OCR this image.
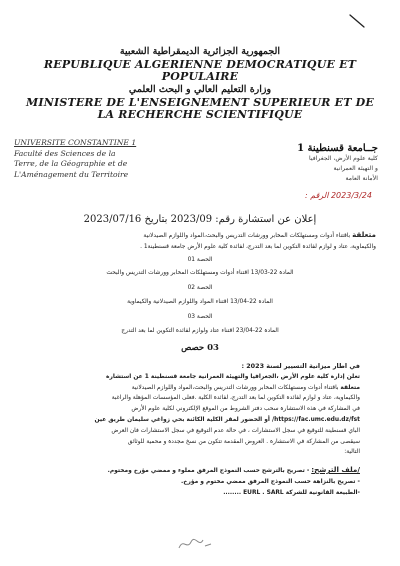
الجمهورية الجزائرية الديمقراطية الشعبية
REPUBLIQUE ALGERIENNE DEMOCRATIQUE ET
POPULAIRE
وزارة التعليم العالي و البحث العلمي
MINISTERE DE L'ENSEIGNEMENT SUPERIEUR ET DE
LA RECHERCHE SCIENTIFIQUE
UNIVERSITE CONSTANTINE 1
Faculté des Sciences de la
Terre, de la Géographie et de
L'Aménagement du Territoire
جــامعة قسنطينة 1
كلية علوم الأرض، الجغرافيا
و التهيئة العمرانية
الأمانة العامة
2023/3/24 الرقم :
إعلان عن استشارة رقم: 2023/09 بتاريخ 2023/07/16
متعلقة باقتناء أدوات ومستهلكات المخابر وورشات التدريس والبحث،المواد واللوازم الصيدلانية
والكيماوية، عتاد و لوازم لفائدة التكوين لما بعد التدرج، لفائدة كلية علوم الأرض جامعة قسنطينة1 .
الحصة 01
المادة 22-13/03 اقتناء أدوات ومستهلكات المخابر وورشات التدريس والبحث
الحصة 02
المادة 22-13/04 اقتناء المواد واللوازم الصيدلانية والكيماوية
الحصة 03
المادة 22-23/04 اقتناء عتاد ولوازم لفائدة التكوين لما بعد التدرج
03 حصص
في اطار ميزانية التسيير لسنة 2023 :
تعلن إدارة كلية علوم الأرض ،الجغرافيا والتهيئة العمرانية جامعة قسنطينة 1 عن استشارة
متعلقة باقتناء أدوات ومستهلكات المخابر وورشات التدريس والبحث،المواد واللوازم الصيدلانية
والكيماوية، عتاد و لوازم لفائدة التكوين لما بعد التدرج، لفائدة الكلية .فعلى المؤسسات المؤهلة والراغبة
في المشاركة في هذه الاستشارة سحب دفتر الشروط من الموقع الإلكتروني لكلية علوم الأرض
https://fac.umc.edu.dz/fst/ أو الحضور لمقر الكلية الكائنة بحي زواغي سليمان طريق عين
الباي قسنطينة للتوقيع في سجل الاستشارات ، في حالة عدم التوقيع في سجل الاستشارات فان العرض
سيقصى من المشاركة في الاستشارة . العروض المقدمة تتكون من نسخ مجددة و محمية للوثائق
التالية:
/ملف الترشح: - تصريح بالترشح حسب النموذج المرفق مملوء و ممضي مؤرخ ومختوم.
- تصريح بالنزاهة حسب النموذج المرفق ممضي مختوم و مؤرخ.
-الطبيعة القانونية للشركة EURL . SARL ........
